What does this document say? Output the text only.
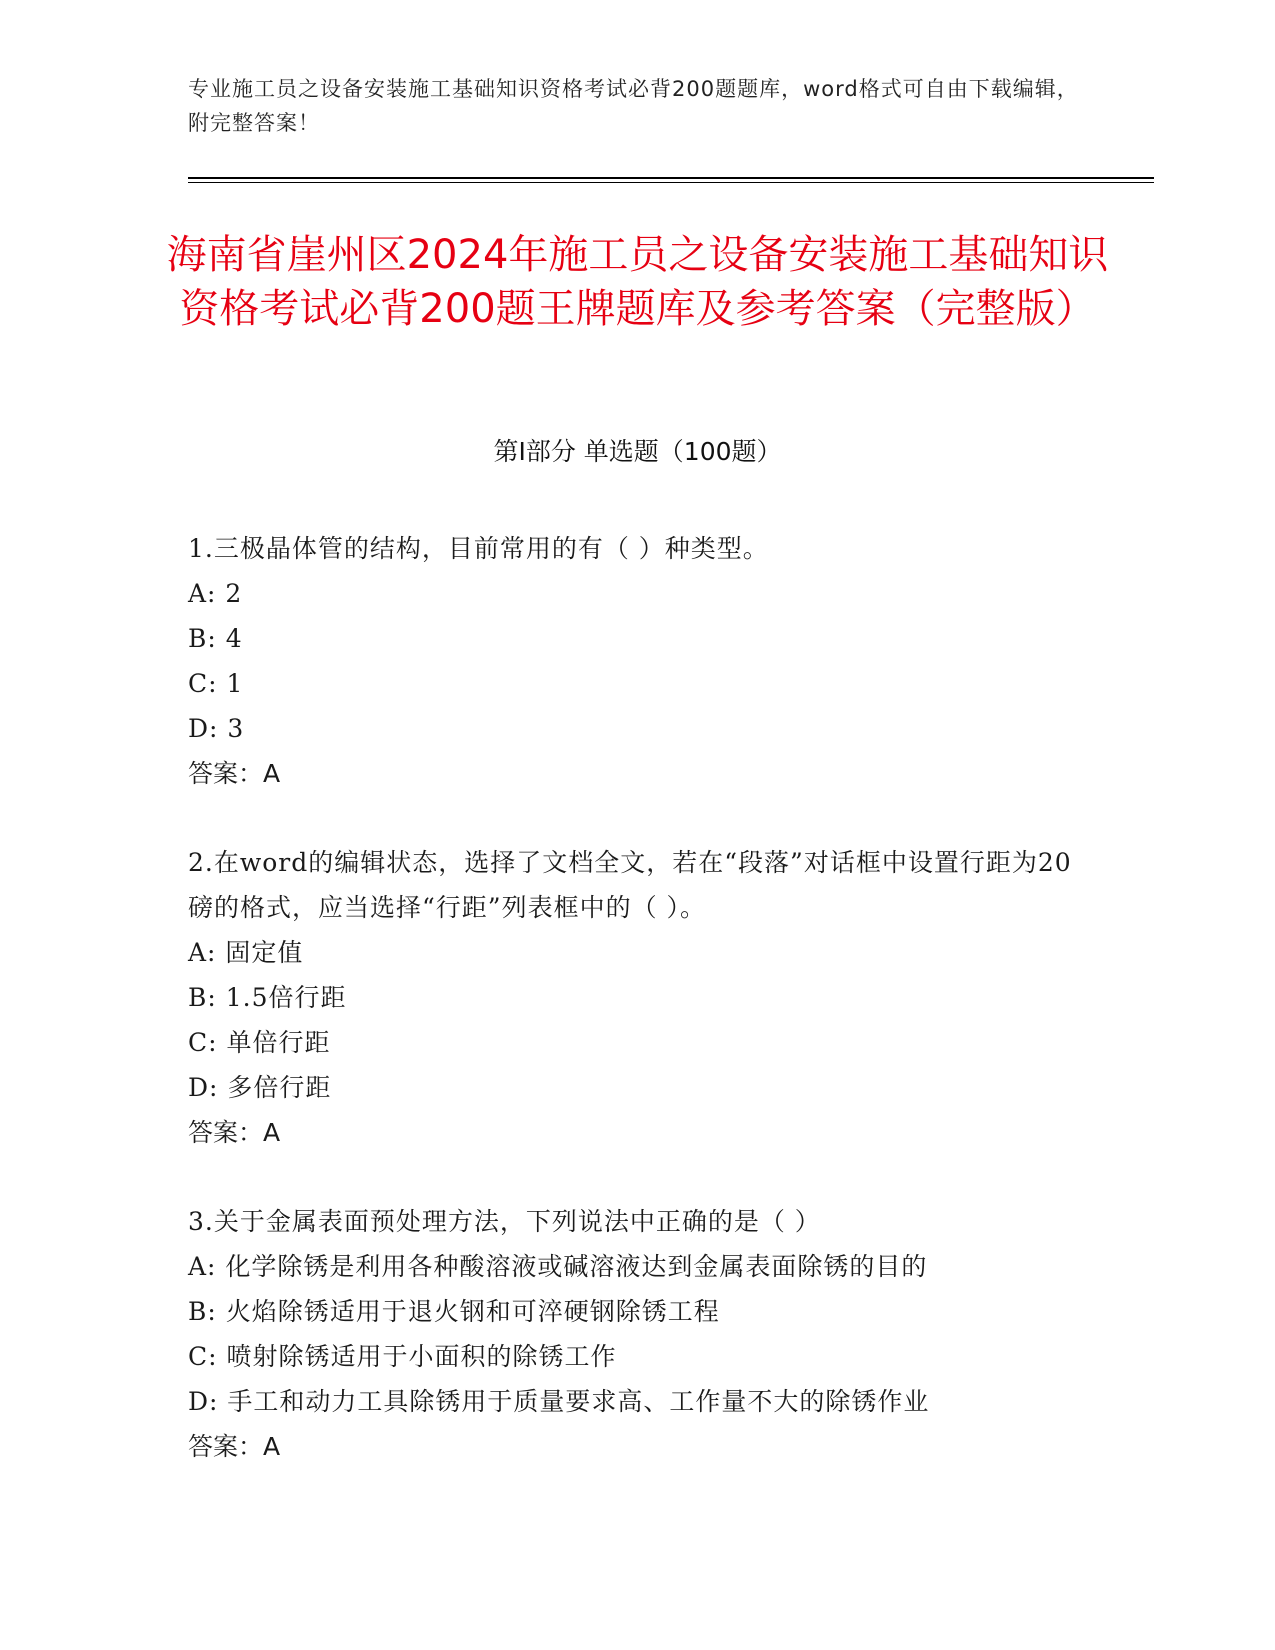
专业施工员之设备安装施工基础知识资格考试必背200题题库，word格式可自由下载编辑，附完整答案！
海南省崖州区2024年施工员之设备安装施工基础知识资格考试必背200题王牌题库及参考答案（完整版）
第Ⅰ部分 单选题（100题）
1.三极晶体管的结构，目前常用的有（ ）种类型。
A: 2
B: 4
C: 1
D: 3
答案：A
2.在word的编辑状态，选择了文档全文，若在“段落”对话框中设置行距为20磅的格式，应当选择“行距”列表框中的（ ）。
A: 固定值
B: 1.5倍行距
C: 单倍行距
D: 多倍行距
答案：A
3.关于金属表面预处理方法，下列说法中正确的是（ ）
A: 化学除锈是利用各种酸溶液或碱溶液达到金属表面除锈的目的
B: 火焰除锈适用于退火钢和可淬硬钢除锈工程
C: 喷射除锈适用于小面积的除锈工作
D: 手工和动力工具除锈用于质量要求高、工作量不大的除锈作业
答案：A
